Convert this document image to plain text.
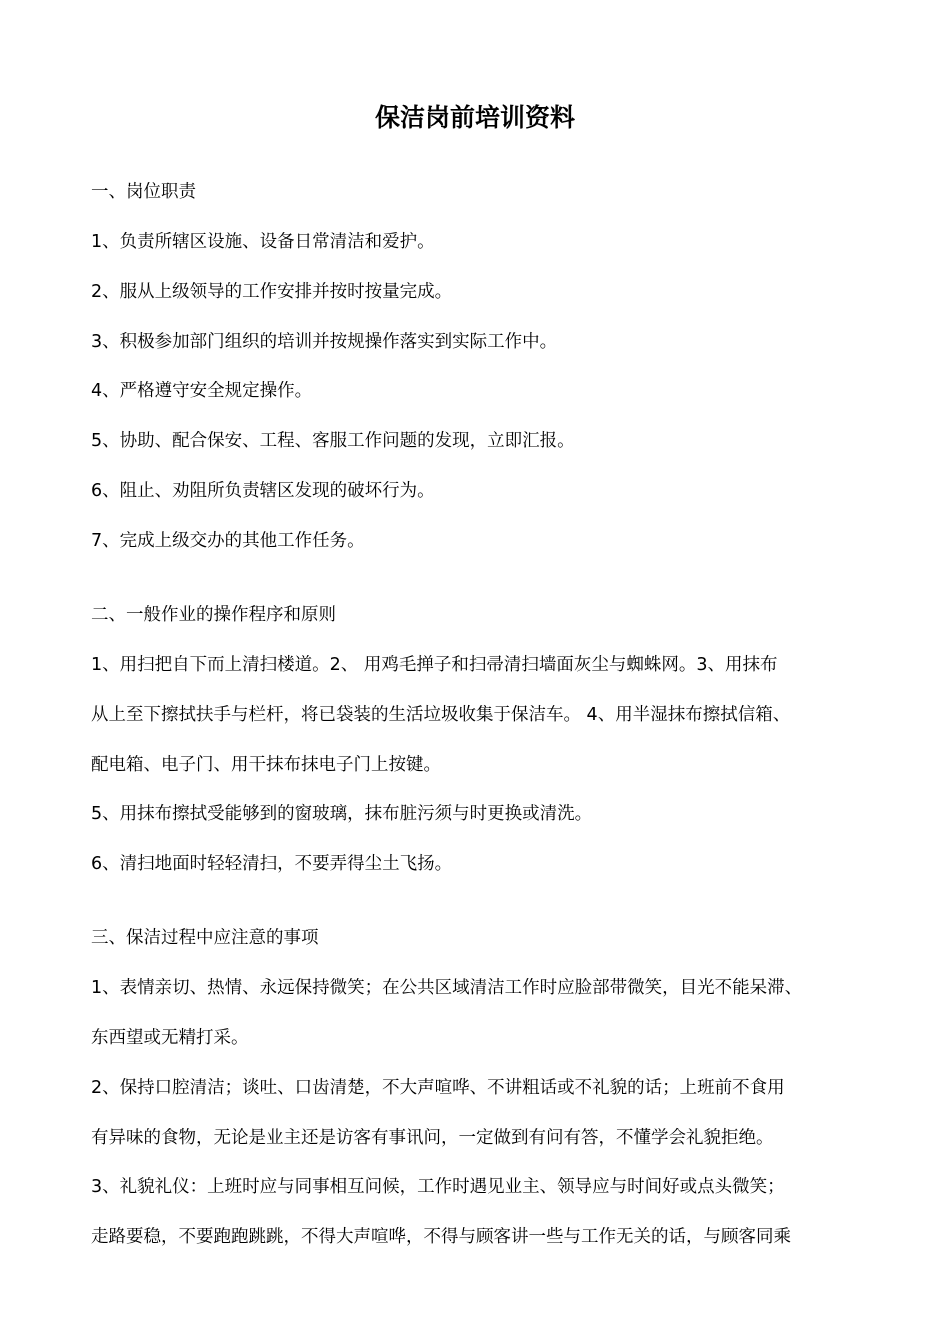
保洁岗前培训资料

一、岗位职责

1、负责所辖区设施、设备日常清洁和爱护。

2、服从上级领导的工作安排并按时按量完成。

3、积极参加部门组织的培训并按规操作落实到实际工作中。

4、严格遵守安全规定操作。

5、协助、配合保安、工程、客服工作问题的发现，立即汇报。

6、阻止、劝阻所负责辖区发现的破坏行为。

7、完成上级交办的其他工作任务。

二、一般作业的操作程序和原则

1、用扫把自下而上清扫楼道。2、 用鸡毛掸子和扫帚清扫墙面灰尘与蜘蛛网。3、用抹布

从上至下擦拭扶手与栏杆，将已袋装的生活垃圾收集于保洁车。 4、用半湿抹布擦拭信箱、

配电箱、电子门、用干抹布抹电子门上按键。

5、用抹布擦拭受能够到的窗玻璃，抹布脏污须与时更换或清洗。

6、清扫地面时轻轻清扫，不要弄得尘土飞扬。

三、保洁过程中应注意的事项

1、表情亲切、热情、永远保持微笑；在公共区域清洁工作时应脸部带微笑，目光不能呆滞、

东西望或无精打采。

2、保持口腔清洁；谈吐、口齿清楚，不大声喧哗、不讲粗话或不礼貌的话；上班前不食用

有异味的食物，无论是业主还是访客有事讯问，一定做到有问有答，不懂学会礼貌拒绝。

3、礼貌礼仪：上班时应与同事相互问候，工作时遇见业主、领导应与时间好或点头微笑；

走路要稳，不要跑跑跳跳，不得大声喧哗，不得与顾客讲一些与工作无关的话，与顾客同乘
